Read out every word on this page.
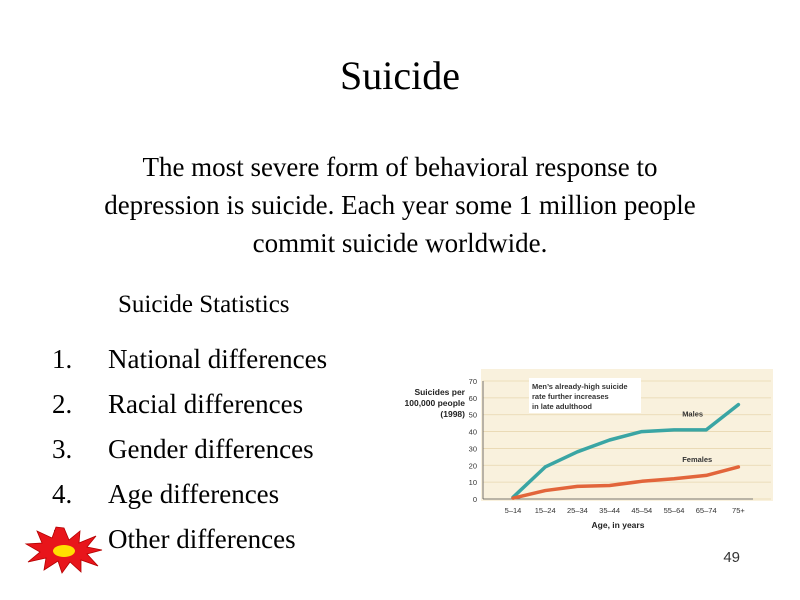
Suicide
The most severe form of behavioral response to depression is suicide. Each year some 1 million people commit suicide worldwide.
Suicide Statistics
1. National differences
2. Racial differences
3. Gender differences
4. Age differences
Other differences
49
0
10
20
30
40
50
60
70
5–14 15–24 25–34 35–44 45–54 55–64 65–74 75+
Males
Females
Suicides per
100,000 people
(1998)
Men’s already-high suicide
rate further increases
in late adulthood
Age, in years
